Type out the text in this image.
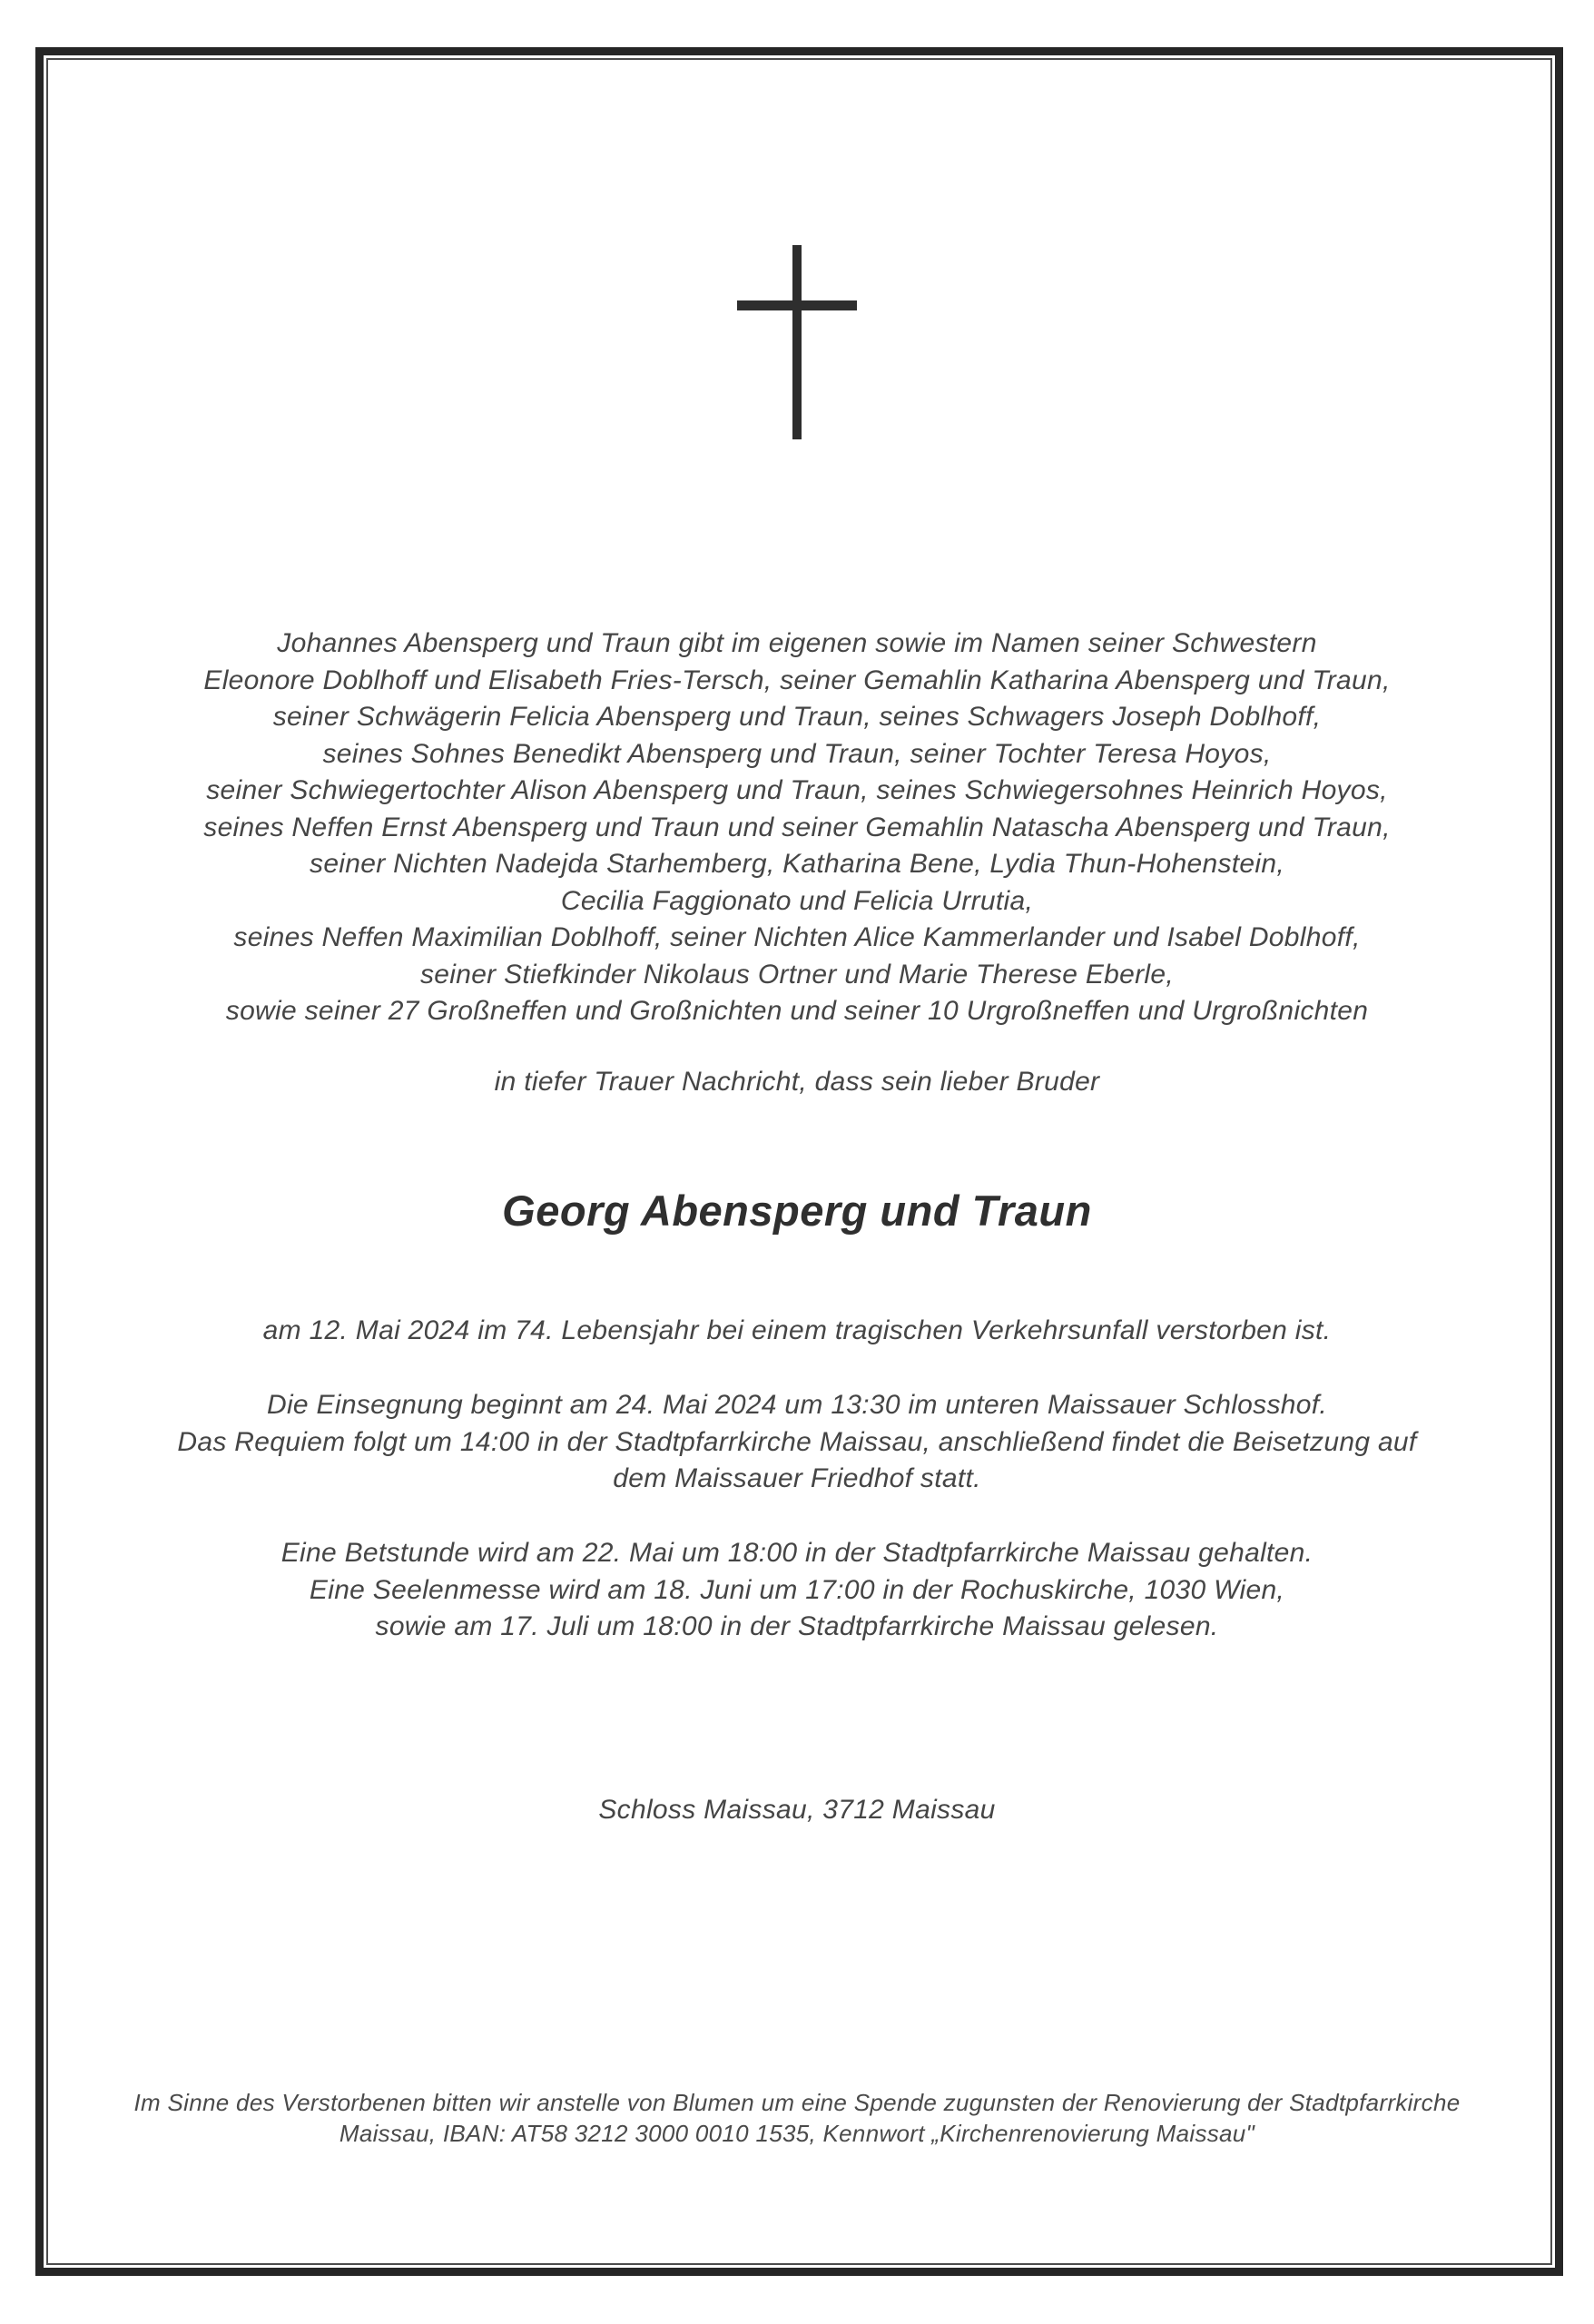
Johannes Abensperg und Traun gibt im eigenen sowie im Namen seiner Schwestern
Eleonore Doblhoff und Elisabeth Fries-Tersch, seiner Gemahlin Katharina Abensperg und Traun,
seiner Schwägerin Felicia Abensperg und Traun, seines Schwagers Joseph Doblhoff,
seines Sohnes Benedikt Abensperg und Traun, seiner Tochter Teresa Hoyos,
seiner Schwiegertochter Alison Abensperg und Traun, seines Schwiegersohnes Heinrich Hoyos,
seines Neffen Ernst Abensperg und Traun und seiner Gemahlin Natascha Abensperg und Traun,
seiner Nichten Nadejda Starhemberg, Katharina Bene, Lydia Thun-Hohenstein,
Cecilia Faggionato und Felicia Urrutia,
seines Neffen Maximilian Doblhoff, seiner Nichten Alice Kammerlander und Isabel Doblhoff,
seiner Stiefkinder Nikolaus Ortner und Marie Therese Eberle,
sowie seiner 27 Großneffen und Großnichten und seiner 10 Urgroßneffen und Urgroßnichten
in tiefer Trauer Nachricht, dass sein lieber Bruder
Georg Abensperg und Traun
am 12. Mai 2024 im 74. Lebensjahr bei einem tragischen Verkehrsunfall verstorben ist.
Die Einsegnung beginnt am 24. Mai 2024 um 13:30 im unteren Maissauer Schlosshof.
Das Requiem folgt um 14:00 in der Stadtpfarrkirche Maissau, anschließend findet die Beisetzung auf
dem Maissauer Friedhof statt.
Eine Betstunde wird am 22. Mai um 18:00 in der Stadtpfarrkirche Maissau gehalten.
Eine Seelenmesse wird am 18. Juni um 17:00 in der Rochuskirche, 1030 Wien,
sowie am 17. Juli um 18:00 in der Stadtpfarrkirche Maissau gelesen.
Schloss Maissau, 3712 Maissau
Im Sinne des Verstorbenen bitten wir anstelle von Blumen um eine Spende zugunsten der Renovierung der Stadtpfarrkirche
Maissau, IBAN: AT58 3212 3000 0010 1535, Kennwort „Kirchenrenovierung Maissau"
